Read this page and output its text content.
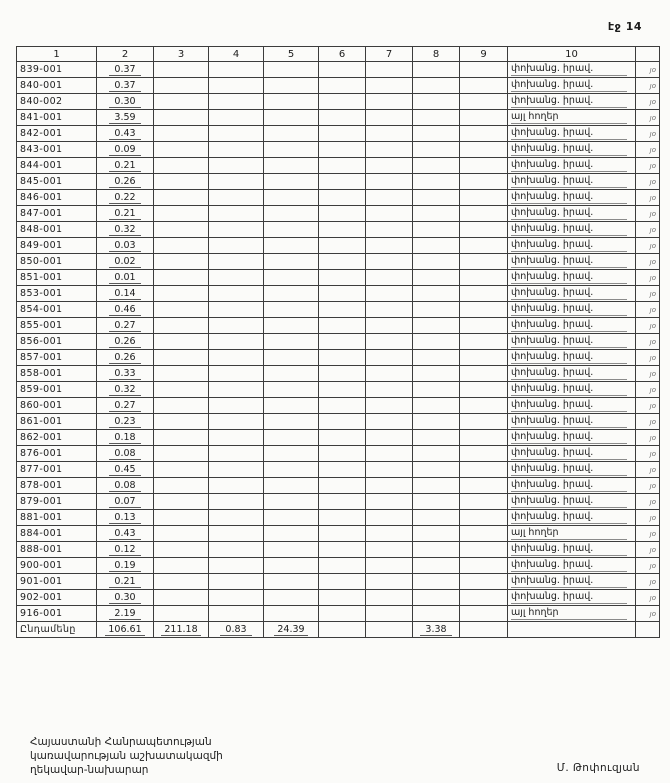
էջ 14
1	2	3	4	5	6	7	8	9	10	
839-001	0.37								փոխանց. իրավ.	յօ
840-001	0.37								փոխանց. իրավ.	յօ
840-002	0.30								փոխանց. իրավ.	յօ
841-001	3.59								այլ հողեր	յօ
842-001	0.43								փոխանց. իրավ.	յօ
843-001	0.09								փոխանց. իրավ.	յօ
844-001	0.21								փոխանց. իրավ.	յօ
845-001	0.26								փոխանց. իրավ.	յօ
846-001	0.22								փոխանց. իրավ.	յօ
847-001	0.21								փոխանց. իրավ.	յօ
848-001	0.32								փոխանց. իրավ.	յօ
849-001	0.03								փոխանց. իրավ.	յօ
850-001	0.02								փոխանց. իրավ.	յօ
851-001	0.01								փոխանց. իրավ.	յօ
853-001	0.14								փոխանց. իրավ.	յօ
854-001	0.46								փոխանց. իրավ.	յօ
855-001	0.27								փոխանց. իրավ.	յօ
856-001	0.26								փոխանց. իրավ.	յօ
857-001	0.26								փոխանց. իրավ.	յօ
858-001	0.33								փոխանց. իրավ.	յօ
859-001	0.32								փոխանց. իրավ.	յօ
860-001	0.27								փոխանց. իրավ.	յօ
861-001	0.23								փոխանց. իրավ.	յօ
862-001	0.18								փոխանց. իրավ.	յօ
876-001	0.08								փոխանց. իրավ.	յօ
877-001	0.45								փոխանց. իրավ.	յօ
878-001	0.08								փոխանց. իրավ.	յօ
879-001	0.07								փոխանց. իրավ.	յօ
881-001	0.13								փոխանց. իրավ.	յօ
884-001	0.43								այլ հողեր	յօ
888-001	0.12								փոխանց. իրավ.	յօ
900-001	0.19								փոխանց. իրավ.	յօ
901-001	0.21								փոխանց. իրավ.	յօ
902-001	0.30								փոխանց. իրավ.	յօ
916-001	2.19								այլ հողեր	յօ
Ընդամենը	106.61	211.18	0.83	24.39			3.38			
Հայաստանի Հանրապետության
կառավարության աշխատակազմի
ղեկավար-նախարար	Մ. Թոփուզյան
